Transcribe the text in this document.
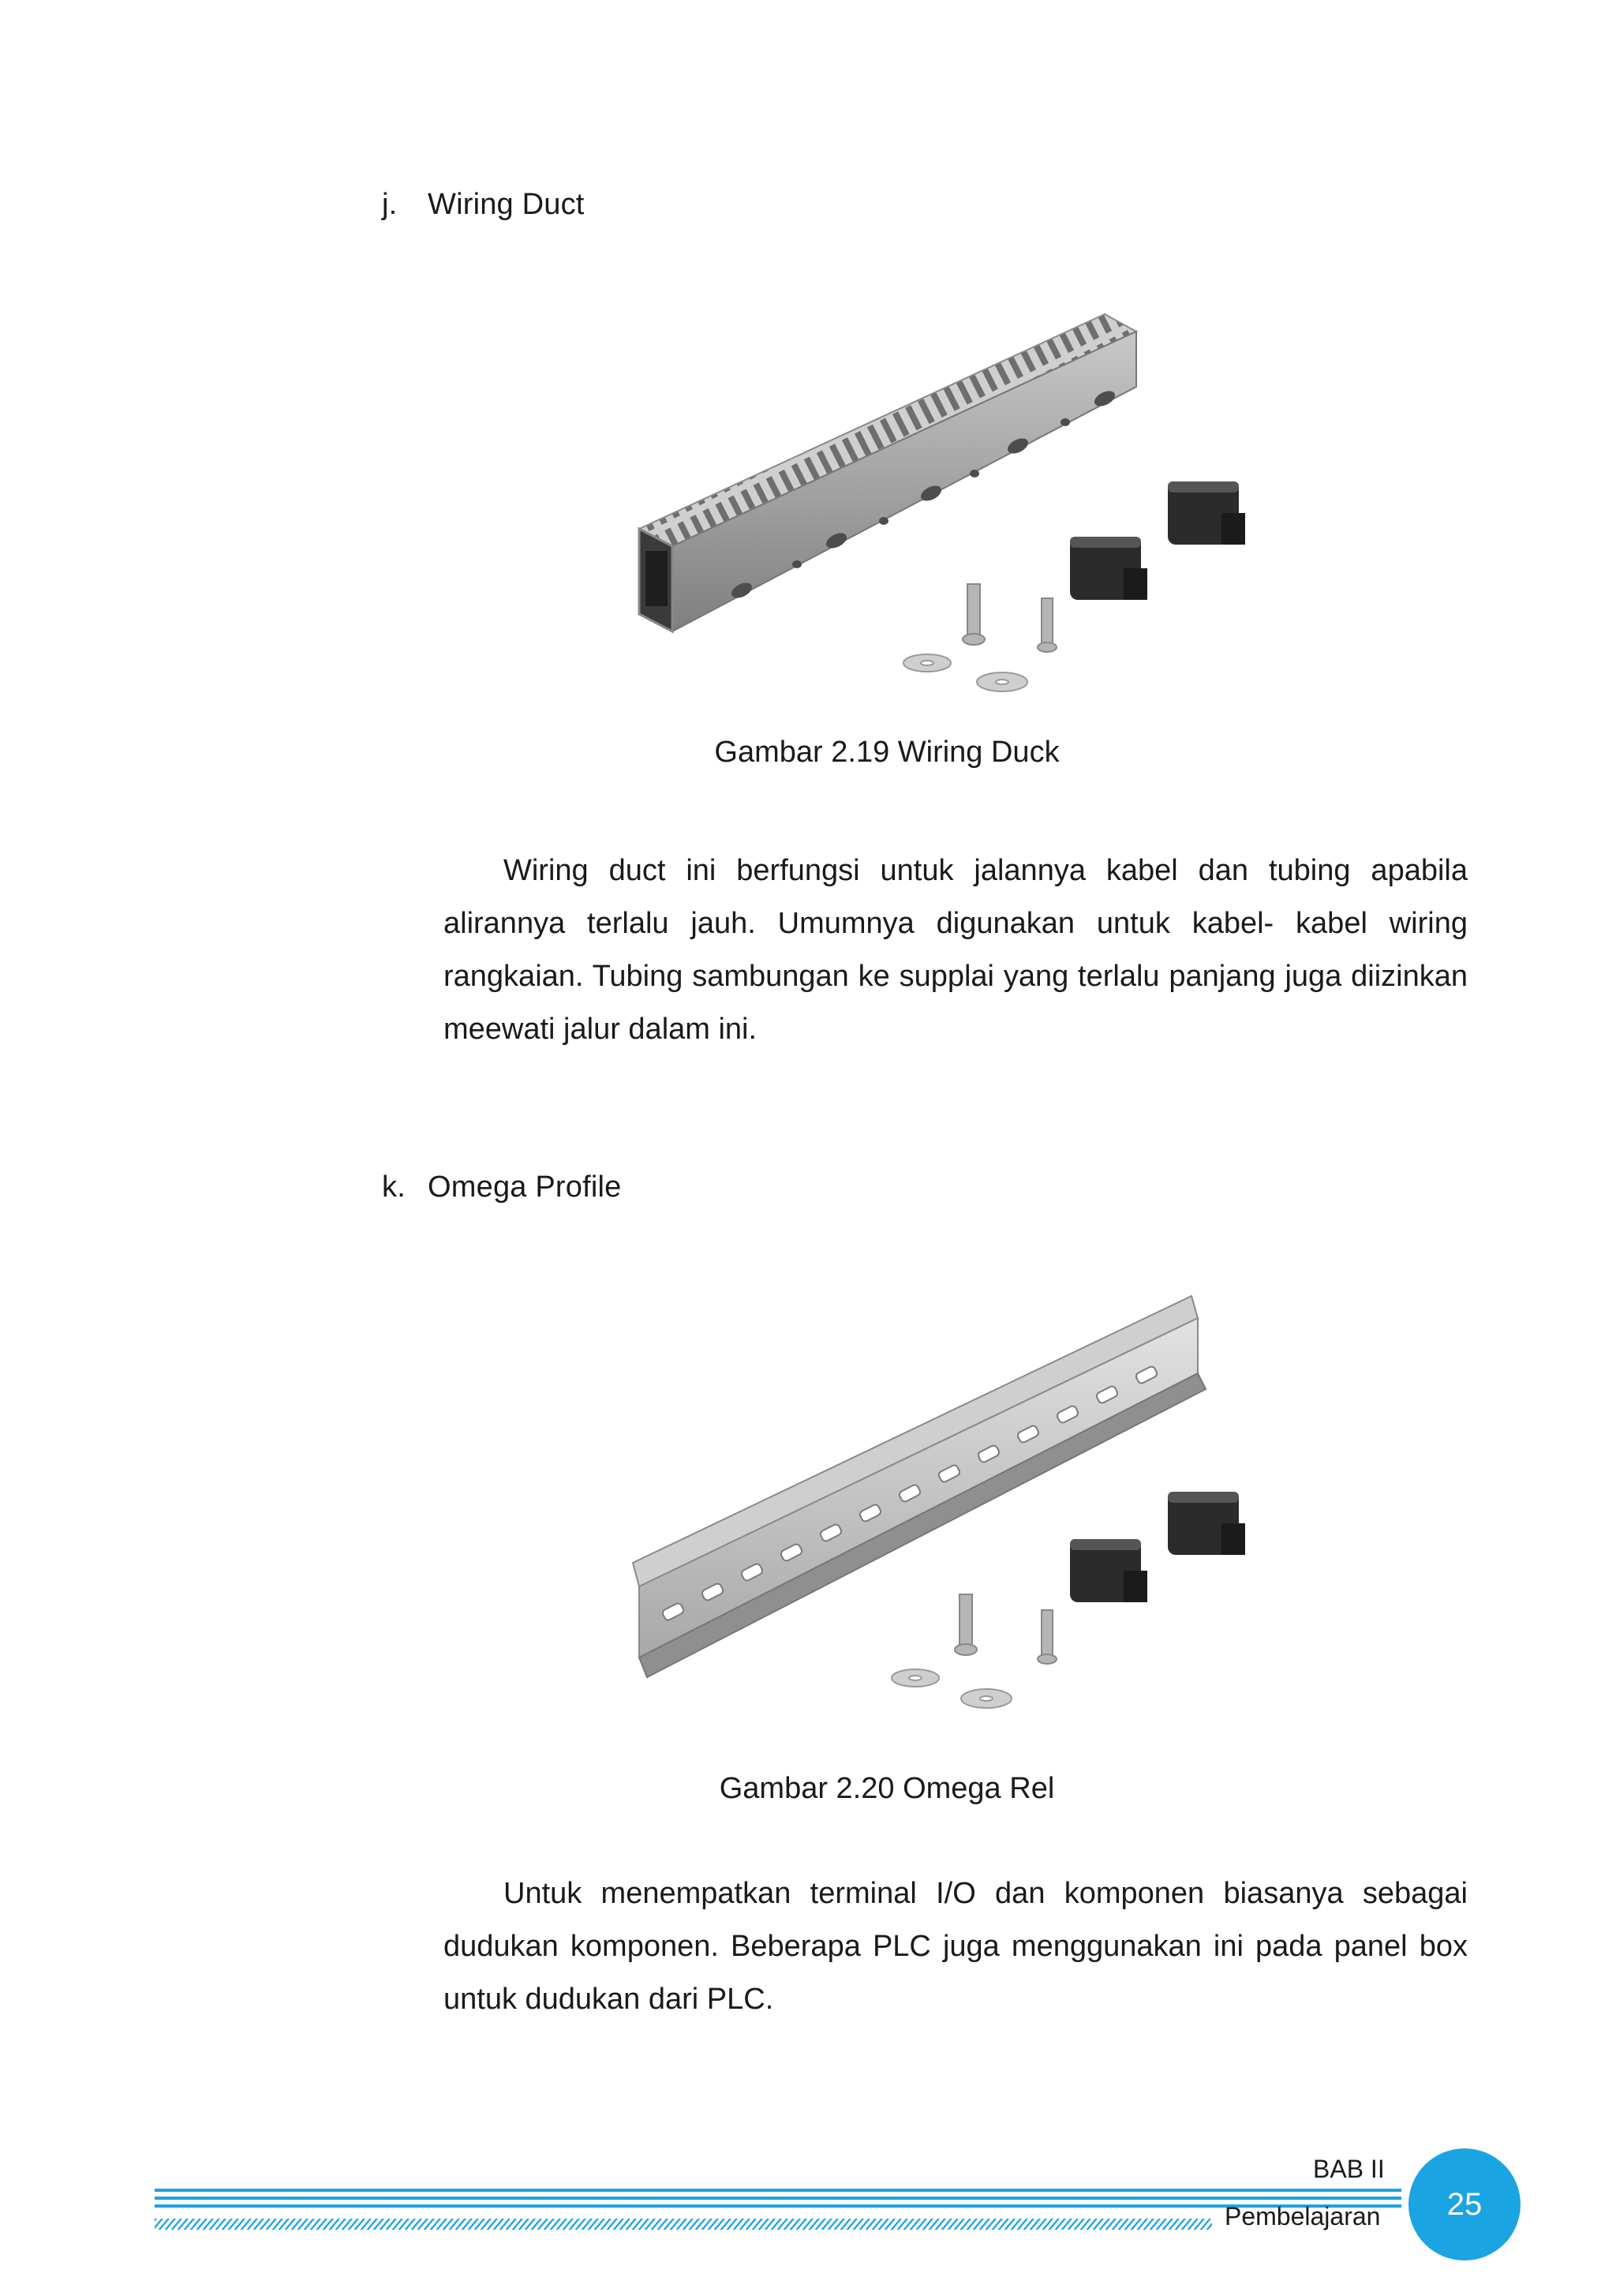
j. Wiring Duct
Gambar 2.19 Wiring Duck

Wiring duct ini berfungsi untuk jalannya kabel dan tubing apabila alirannya terlalu jauh. Umumnya digunakan untuk kabel- kabel wiring rangkaian. Tubing sambungan ke supplai yang terlalu panjang juga diizinkan meewati jalur dalam ini.

k. Omega Profile
Gambar 2.20 Omega Rel

Untuk menempatkan terminal I/O dan komponen biasanya sebagai dudukan komponen. Beberapa PLC juga menggunakan ini pada panel box untuk dudukan dari PLC.

BAB II
Pembelajaran 25
